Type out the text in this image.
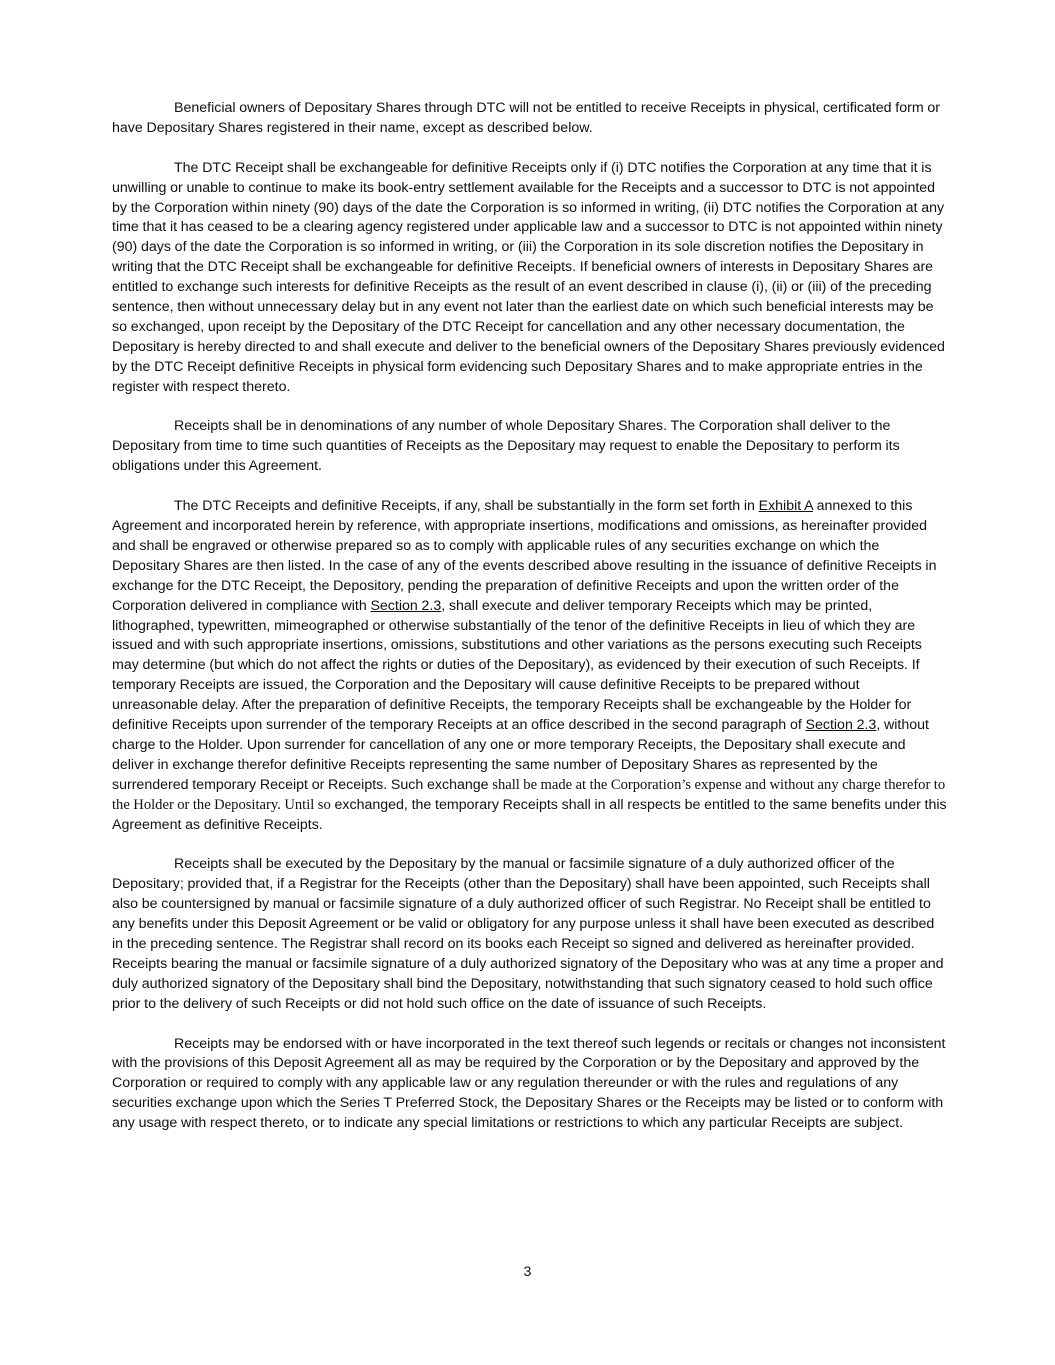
Beneficial owners of Depositary Shares through DTC will not be entitled to receive Receipts in physical, certificated form or have Depositary Shares registered in their name, except as described below.

The DTC Receipt shall be exchangeable for definitive Receipts only if (i) DTC notifies the Corporation at any time that it is unwilling or unable to continue to make its book-entry settlement available for the Receipts and a successor to DTC is not appointed by the Corporation within ninety (90) days of the date the Corporation is so informed in writing, (ii) DTC notifies the Corporation at any time that it has ceased to be a clearing agency registered under applicable law and a successor to DTC is not appointed within ninety (90) days of the date the Corporation is so informed in writing, or (iii) the Corporation in its sole discretion notifies the Depositary in writing that the DTC Receipt shall be exchangeable for definitive Receipts. If beneficial owners of interests in Depositary Shares are entitled to exchange such interests for definitive Receipts as the result of an event described in clause (i), (ii) or (iii) of the preceding sentence, then without unnecessary delay but in any event not later than the earliest date on which such beneficial interests may be so exchanged, upon receipt by the Depositary of the DTC Receipt for cancellation and any other necessary documentation, the Depositary is hereby directed to and shall execute and deliver to the beneficial owners of the Depositary Shares previously evidenced by the DTC Receipt definitive Receipts in physical form evidencing such Depositary Shares and to make appropriate entries in the register with respect thereto.

Receipts shall be in denominations of any number of whole Depositary Shares. The Corporation shall deliver to the Depositary from time to time such quantities of Receipts as the Depositary may request to enable the Depositary to perform its obligations under this Agreement.

The DTC Receipts and definitive Receipts, if any, shall be substantially in the form set forth in Exhibit A annexed to this Agreement and incorporated herein by reference, with appropriate insertions, modifications and omissions, as hereinafter provided and shall be engraved or otherwise prepared so as to comply with applicable rules of any securities exchange on which the Depositary Shares are then listed. In the case of any of the events described above resulting in the issuance of definitive Receipts in exchange for the DTC Receipt, the Depository, pending the preparation of definitive Receipts and upon the written order of the Corporation delivered in compliance with Section 2.3, shall execute and deliver temporary Receipts which may be printed, lithographed, typewritten, mimeographed or otherwise substantially of the tenor of the definitive Receipts in lieu of which they are issued and with such appropriate insertions, omissions, substitutions and other variations as the persons executing such Receipts may determine (but which do not affect the rights or duties of the Depositary), as evidenced by their execution of such Receipts. If temporary Receipts are issued, the Corporation and the Depositary will cause definitive Receipts to be prepared without unreasonable delay. After the preparation of definitive Receipts, the temporary Receipts shall be exchangeable by the Holder for definitive Receipts upon surrender of the temporary Receipts at an office described in the second paragraph of Section 2.3, without charge to the Holder. Upon surrender for cancellation of any one or more temporary Receipts, the Depositary shall execute and deliver in exchange therefor definitive Receipts representing the same number of Depositary Shares as represented by the surrendered temporary Receipt or Receipts. Such exchange shall be made at the Corporation’s expense and without any charge therefor to the Holder or the Depositary. Until so exchanged, the temporary Receipts shall in all respects be entitled to the same benefits under this Agreement as definitive Receipts.

Receipts shall be executed by the Depositary by the manual or facsimile signature of a duly authorized officer of the Depositary; provided that, if a Registrar for the Receipts (other than the Depositary) shall have been appointed, such Receipts shall also be countersigned by manual or facsimile signature of a duly authorized officer of such Registrar. No Receipt shall be entitled to any benefits under this Deposit Agreement or be valid or obligatory for any purpose unless it shall have been executed as described in the preceding sentence. The Registrar shall record on its books each Receipt so signed and delivered as hereinafter provided. Receipts bearing the manual or facsimile signature of a duly authorized signatory of the Depositary who was at any time a proper and duly authorized signatory of the Depositary shall bind the Depositary, notwithstanding that such signatory ceased to hold such office prior to the delivery of such Receipts or did not hold such office on the date of issuance of such Receipts.

Receipts may be endorsed with or have incorporated in the text thereof such legends or recitals or changes not inconsistent with the provisions of this Deposit Agreement all as may be required by the Corporation or by the Depositary and approved by the Corporation or required to comply with any applicable law or any regulation thereunder or with the rules and regulations of any securities exchange upon which the Series T Preferred Stock, the Depositary Shares or the Receipts may be listed or to conform with any usage with respect thereto, or to indicate any special limitations or restrictions to which any particular Receipts are subject.

3
